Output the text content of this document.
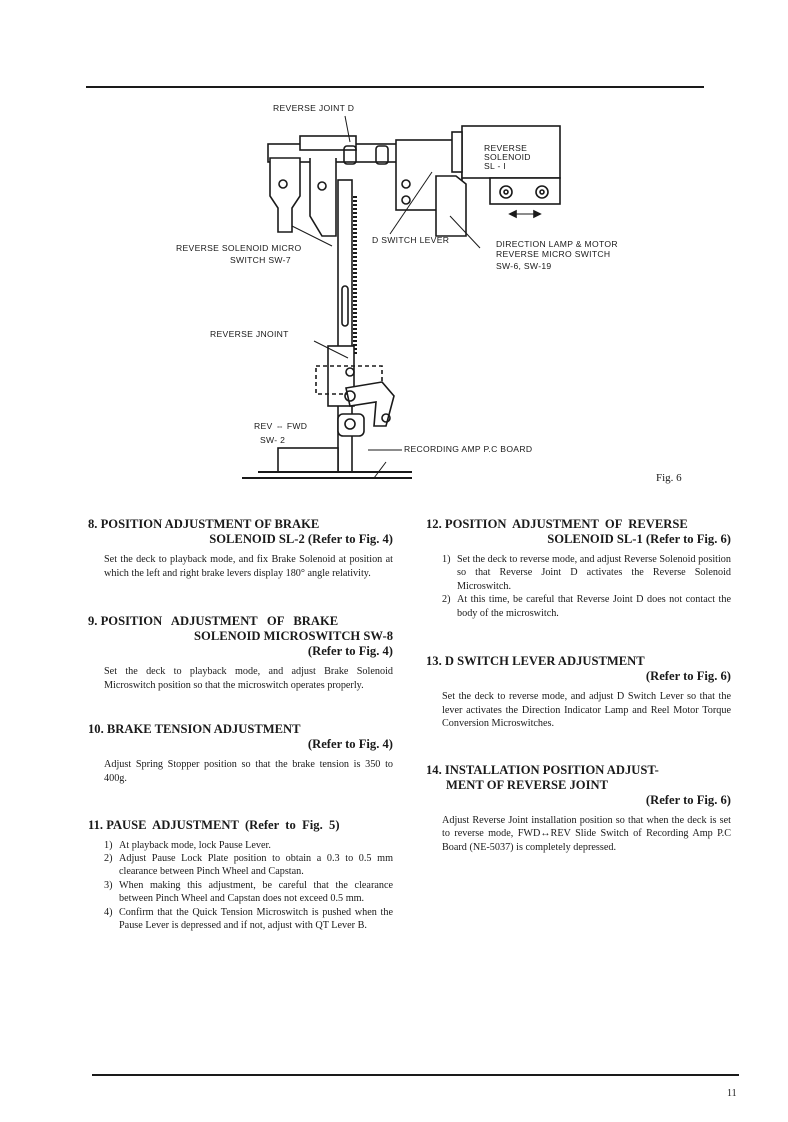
REVERSE JOINT D
REVERSE
SOLENOID
SL - I
D SWITCH LEVER
REVERSE SOLENOID MICRO
SWITCH SW-7
DIRECTION LAMP & MOTOR
REVERSE MICRO SWITCH
SW-6, SW-19
REVERSE JNOINT
REV ⇔ FWD
SW- 2
RECORDING AMP P.C BOARD
Fig. 6

8. POSITION ADJUSTMENT OF BRAKE
SOLENOID SL-2 (Refer to Fig. 4)

Set the deck to playback mode, and fix Brake Solenoid at position at which the left and right brake levers display 180° angle relativity.

9. POSITION   ADJUSTMENT   OF   BRAKE
SOLENOID MICROSWITCH SW-8
(Refer to Fig. 4)

Set the deck to playback mode, and adjust Brake Solenoid Microswitch position so that the microswitch operates properly.

10. BRAKE TENSION ADJUSTMENT
(Refer to Fig. 4)

Adjust Spring Stopper position so that the brake tension is 350 to 400g.

11. PAUSE  ADJUSTMENT  (Refer  to  Fig.  5)

1) At playback mode, lock Pause Lever.
2) Adjust Pause Lock Plate position to obtain a 0.3 to 0.5 mm clearance between Pinch Wheel and Capstan.
3) When making this adjustment, be careful that the clearance between Pinch Wheel and Capstan does not exceed 0.5 mm.
4) Confirm that the Quick Tension Microswitch is pushed when the Pause Lever is depressed and if not, adjust with QT Lever B.

12. POSITION  ADJUSTMENT  OF  REVERSE
SOLENOID SL-1 (Refer to Fig. 6)

1) Set the deck to reverse mode, and adjust Reverse Solenoid position so that Reverse Joint D activates the Reverse Solenoid Microswitch.
2) At this time, be careful that Reverse Joint D does not contact the body of the microswitch.

13. D SWITCH LEVER ADJUSTMENT
(Refer to Fig. 6)

Set the deck to reverse mode, and adjust D Switch Lever so that the lever activates the Direction Indicator Lamp and Reel Motor Torque Conversion Microswitches.

14. INSTALLATION POSITION ADJUST-
MENT OF REVERSE JOINT
(Refer to Fig. 6)

Adjust Reverse Joint installation position so that when the deck is set to reverse mode, FWD↔REV Slide Switch of Recording Amp P.C Board (NE-5037) is completely depressed.

11
